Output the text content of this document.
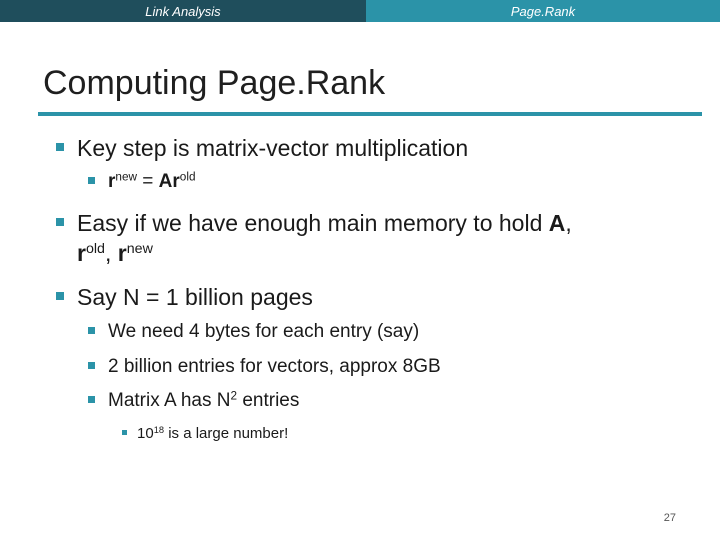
Link Analysis	Page.Rank
Computing Page.Rank
Key step is matrix-vector multiplication
$r^{new} = Ar^{old}$
Easy if we have enough main memory to hold A,
$r^{old}$, $r^{new}$
Say N = 1 billion pages
We need 4 bytes for each entry (say)
2 billion entries for vectors, approx 8GB
Matrix A has $N^2$ entries
$10^{18}$ is a large number!
27
